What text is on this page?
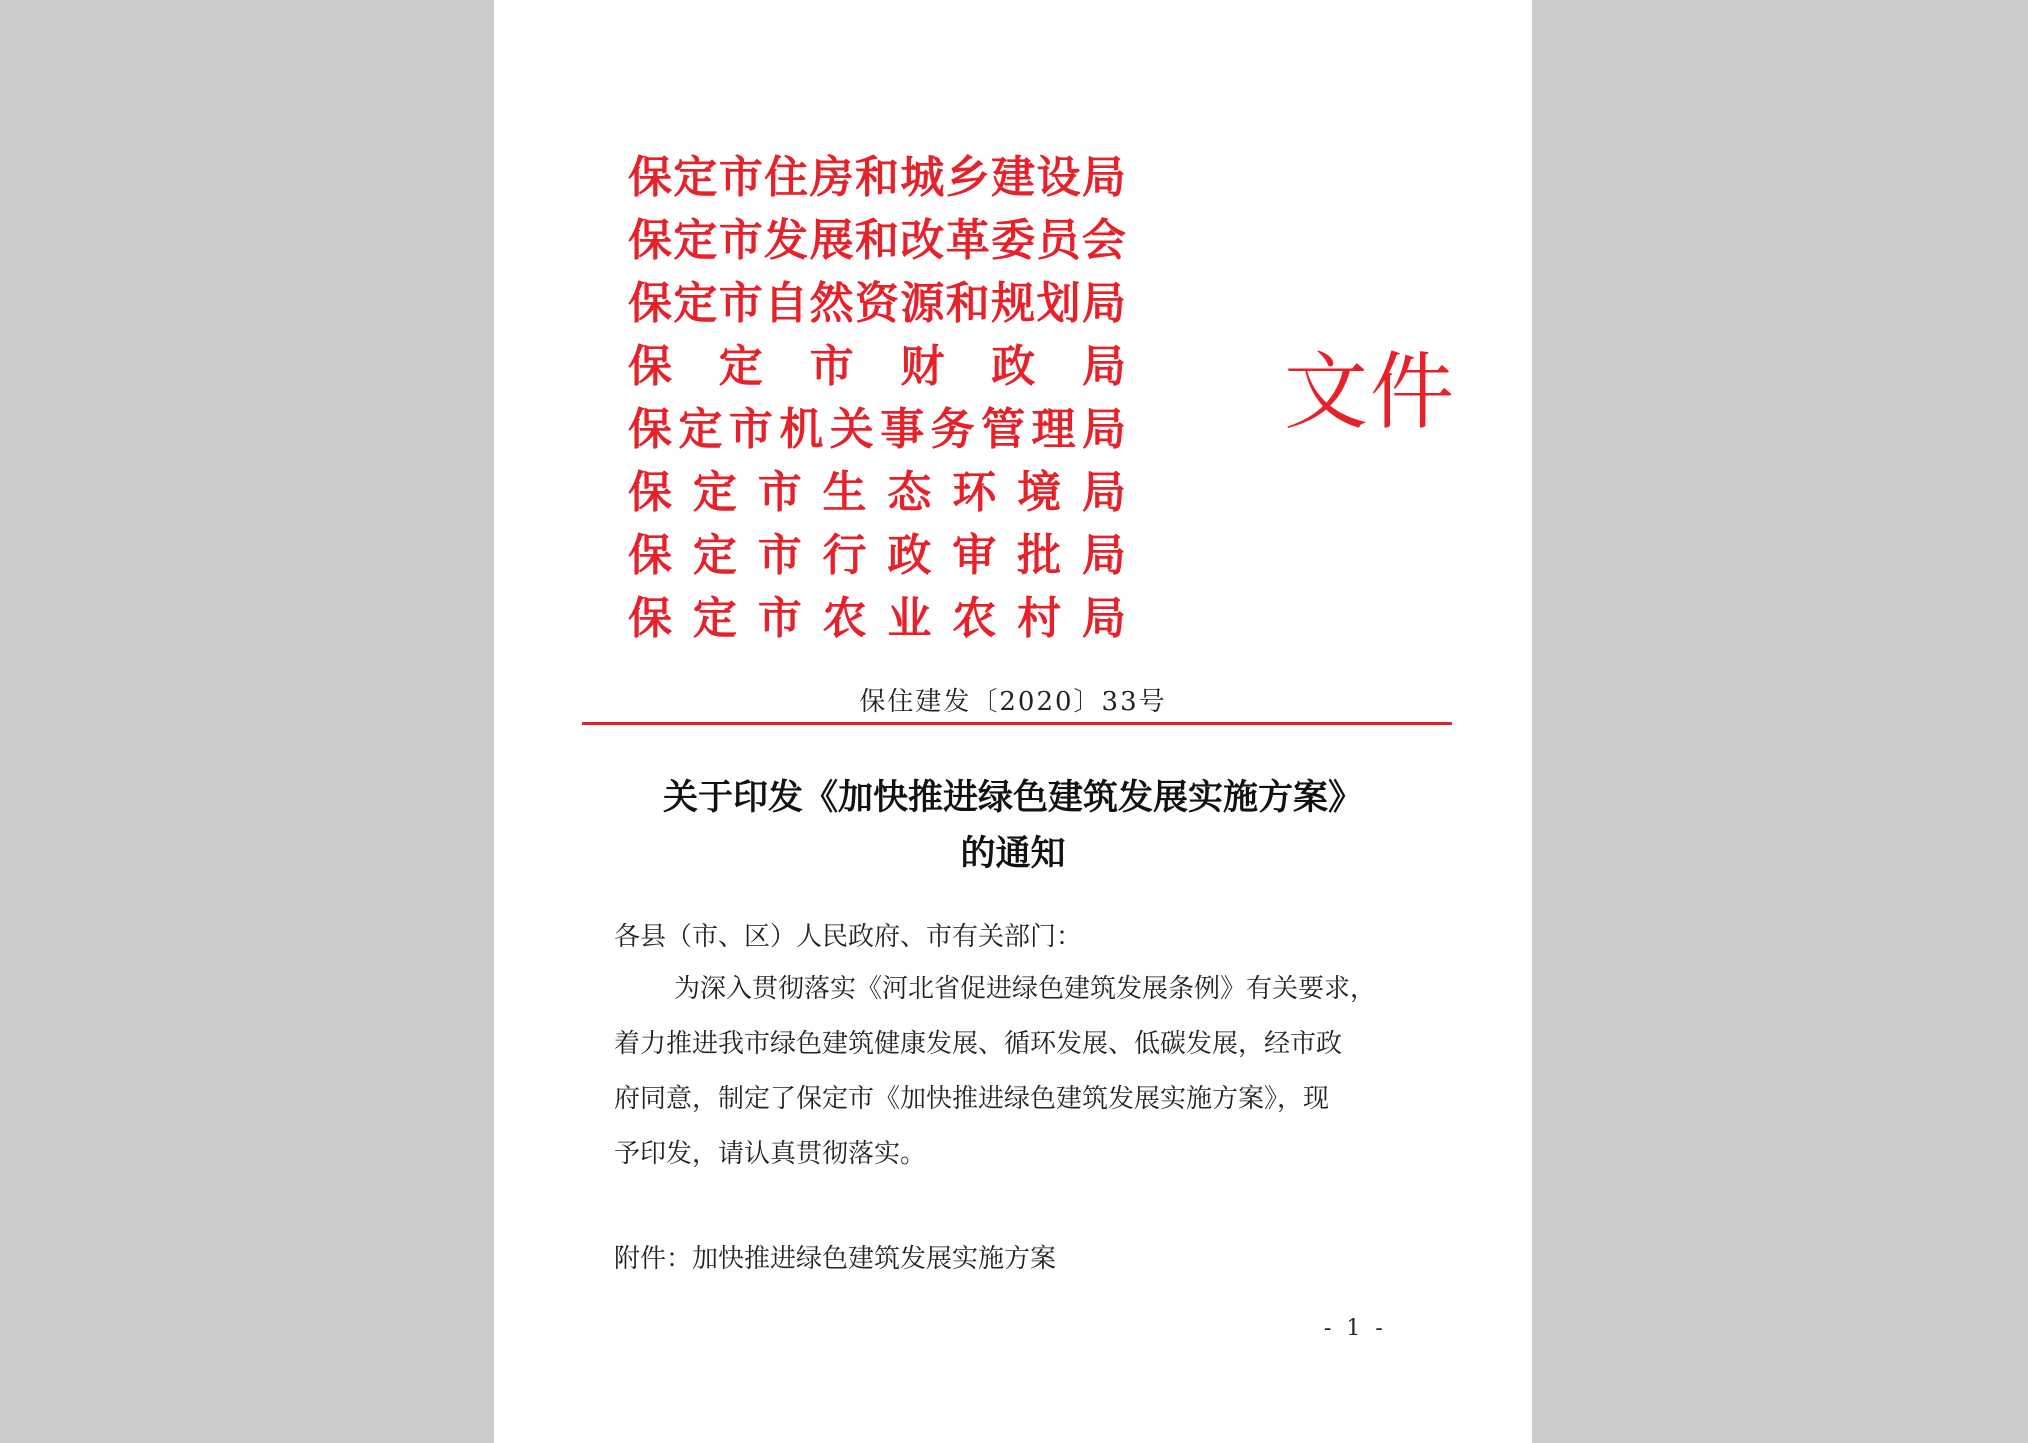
保 定 市 住 房 和 城 乡 建 设 局
保 定 市 发 展 和 改 革 委 员 会
保 定 市 自 然 资 源 和 规 划 局
保 定 市 财 政 局
保 定 市 机 关 事 务 管 理 局
保 定 市 生 态 环 境 局
保 定 市 行 政 审 批 局
保 定 市 农 业 农 村 局
文件
保住建发〔2020〕33号
关于印发《加快推进绿色建筑发展实施方案》
的通知
各县（市、区）人民政府、市有关部门：
为深入贯彻落实《河北省促进绿色建筑发展条例》有关要求，
着力推进我市绿色建筑健康发展、循环发展、低碳发展，经市政
府同意，制定了保定市《加快推进绿色建筑发展实施方案》，现
予印发，请认真贯彻落实。
附件：加快推进绿色建筑发展实施方案
- 1 -
